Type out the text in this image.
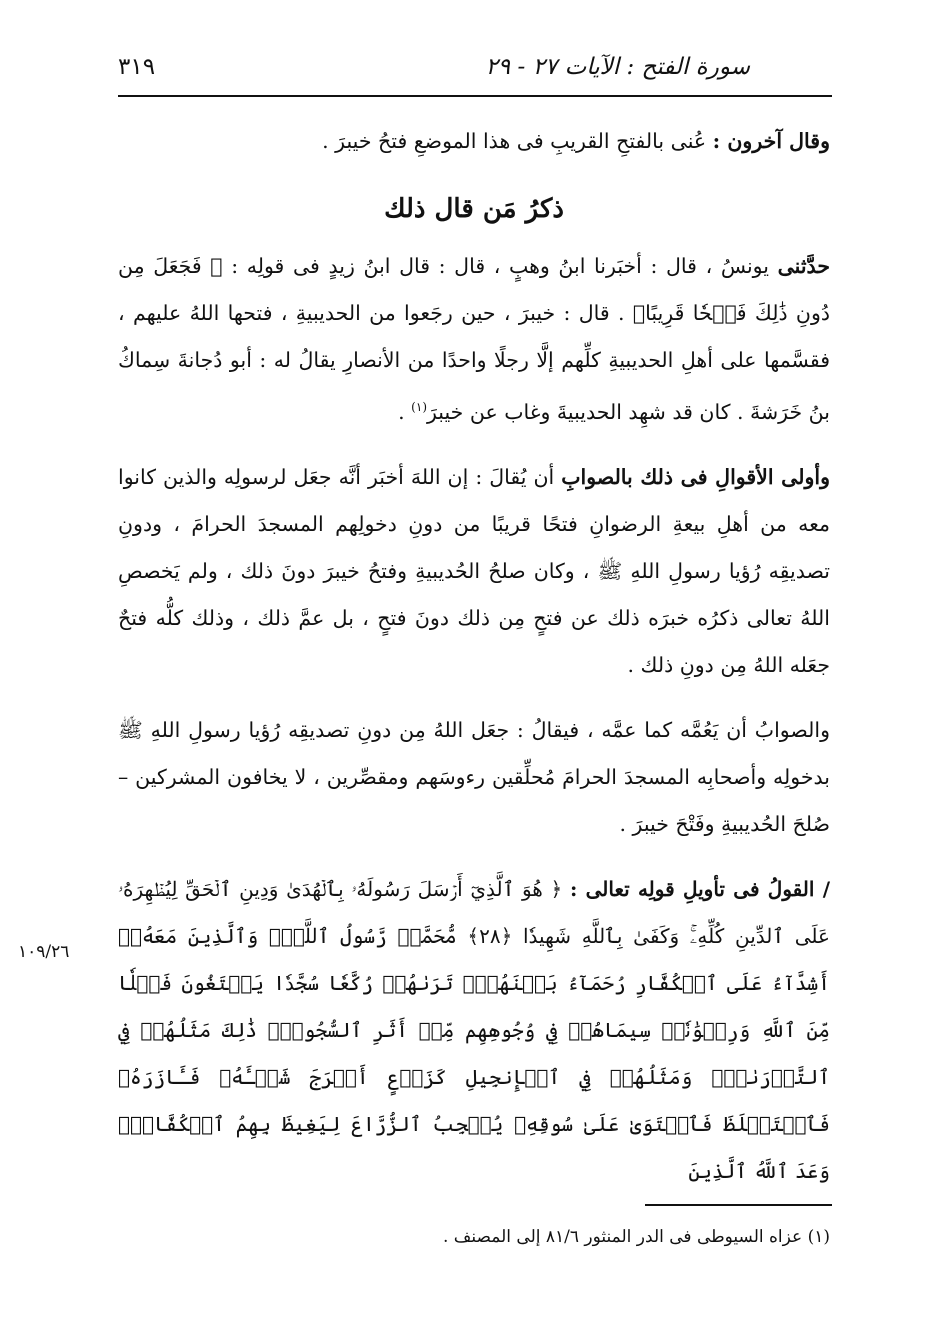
سورة الفتح : الآيات ٢٧ - ٢٩
٣١٩

وقال آخرون : عُنى بالفتحِ القريبِ فى هذا الموضعِ فتحُ خيبرَ .

ذكرُ مَن قال ذلك

حدَّثنى يونسُ ، قال : أخبَرنا ابنُ وهبٍ ، قال : قال ابنُ زيدٍ فى قولِه : ﴿ فَجَعَلَ مِن دُونِ ذَٰلِكَ فَتۡحٗا قَرِيبًا﴾ . قال : خيبرَ ، حين رجَعوا من الحديبيةِ ، فتحها اللهُ عليهم ، فقسَّمها على أهلِ الحديبيةِ كلِّهم إلَّا رجلًا واحدًا من الأنصارِ يقالُ له : أبو دُجانةَ سِماكُ بنُ خَرَشةَ . كان قد شهِد الحديبيةَ وغاب عن خيبرَ$^{(١)}$ .

وأولى الأقوالِ فى ذلك بالصوابِ أن يُقالَ : إن اللهَ أخبَر أنَّه جعَل لرسولِه والذين كانوا معه من أهلِ بيعةِ الرضوانِ فتحًا قريبًا من دونِ دخولِهم المسجدَ الحرامَ ، ودونِ تصديقِه رُؤيا رسولِ اللهِ ﷺ ، وكان صلحُ الحُديبيةِ وفتحُ خيبرَ دونَ ذلك ، ولم يَخصصِ اللهُ تعالى ذكرُه خبرَه ذلك عن فتحٍ مِن ذلك دونَ فتحٍ ، بل عمَّ ذلك ، وذلك كلُّه فتحٌ جعَله اللهُ مِن دونِ ذلك .

والصوابُ أن يَعُمَّه كما عمَّه ، فيقالُ : جعَل اللهُ مِن دونِ تصديقِه رُؤيا رسولِ اللهِ ﷺ بدخولِه وأصحابِه المسجدَ الحرامَ مُحلِّقين رءوسَهم ومقصِّرين ، لا يخافون المشركين – صُلحَ الحُديبيةِ وفَتْحَ خيبرَ .

/ القولُ فى تأويلِ قولِه تعالى : ﴿ هُوَ ٱلَّذِيٓ أَرۡسَلَ رَسُولَهُۥ بِٱلۡهُدَىٰ وَدِينِ ٱلۡحَقِّ لِيُظۡهِرَهُۥ عَلَى ٱلدِّينِ كُلِّهِۦۚ وَكَفَىٰ بِٱللَّهِ شَهِيدٗا ﴿٢٨﴾ مُّحَمَّدٞ رَّسُولُ ٱللَّهِۚ وَٱلَّذِينَ مَعَهُۥٓ أَشِدَّآءُ عَلَى ٱلۡكُفَّارِ رُحَمَآءُ بَيۡنَهُمۡۖ تَرَىٰهُمۡ رُكَّعٗا سُجَّدٗا يَبۡتَغُونَ فَضۡلٗا مِّنَ ٱللَّهِ وَرِضۡوَٰنٗاۖ سِيمَاهُمۡ فِي وُجُوهِهِم مِّنۡ أَثَرِ ٱلسُّجُودِۚ ذَٰلِكَ مَثَلُهُمۡ فِي ٱلتَّوۡرَىٰةِۚ وَمَثَلُهُمۡ فِي ٱلۡإِنجِيلِ كَزَرۡعٍ أَخۡرَجَ شَطۡـَٔهُۥ فَـَٔازَرَهُۥ فَٱسۡتَغۡلَظَ فَٱسۡتَوَىٰ عَلَىٰ سُوقِهِۦ يُعۡجِبُ ٱلزُّرَّاعَ لِيَغِيظَ بِهِمُ ٱلۡكُفَّارَۗ وَعَدَ ٱللَّهُ ٱلَّذِينَ

١٠٩/٢٦
(١) عزاه السيوطى فى الدر المنثور ٨١/٦ إلى المصنف .
